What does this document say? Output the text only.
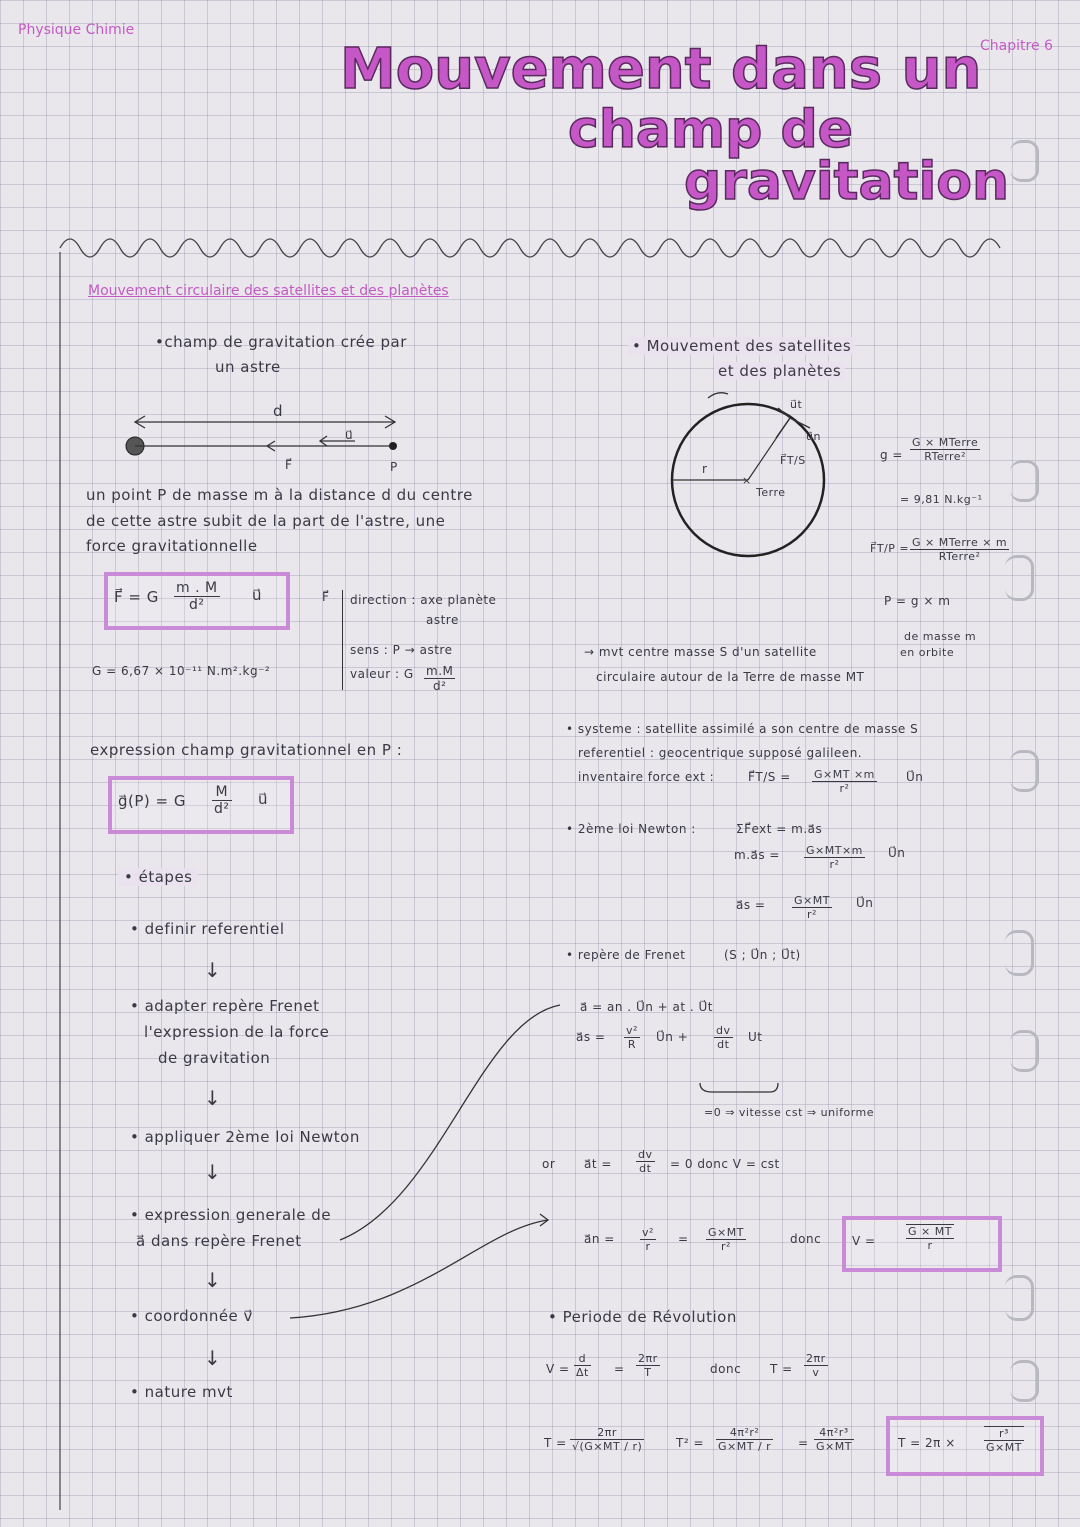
Physique Chimie
Chapitre 6
Mouvement dans un
champ de
gravitation
Mouvement circulaire des satellites et des planètes
•champ de gravitation crée par
un astre
d
u⃗
F⃗	P
un point P de masse m à la distance d du centre
de cette astre subit de la part de l'astre, une
force gravitationnelle
F⃗ = G $\frac{m . M}{\text{d²}}$ u⃗	F⃗ direction : axe planète
astre
sens : P → astre
valeur : G $\frac{m.M}{\text{d²}}$
G = 6,67 × 10⁻¹¹ N.m².kg⁻²
expression champ gravitationnel en P :
g⃗(P) = G $\frac{M}{\text{d²}}$ u⃗
• étapes
• definir referentiel
↓
• adapter repère Frenet
l'expression de la force
de gravitation
↓
• appliquer 2ème loi Newton
↓
• expression generale de
a⃗ dans repère Frenet
↓
• coordonnée v⃗
↓
• nature mvt
• Mouvement des satellites
et des planètes
×
r
Terre
u⃗t
u⃗n
F⃗T/S	g =
G × MTerre
RTerre²
= 9,81 N.kg⁻¹
F⃗T/P = G × MTerre × m
RTerre²
P = g × m
de masse m
en orbite
→ mvt centre masse S d'un satellite
circulaire autour de la Terre de masse MT
• systeme : satellite assimilé a son centre de masse S
referentiel : geocentrique supposé galileen.
inventaire force ext :	F⃗T/S = $\frac{G\times MT \times m}{\text{r²}}$ U⃗n
• 2ème loi Newton :	ΣF⃗ext = m.a⃗s
m.a⃗s = $\frac{G\times MT\times m}{\text{r²}}$ U⃗n
a⃗s = $\frac{G\times MT}{\text{r²}}$ U⃗n
• repère de Frenet	(S ; U⃗n ; U⃗t)
a⃗ = an . U⃗n + at . U⃗t
a⃗s = $\frac{\text{v²}}{R}$ U⃗n + $\frac{dv}{dt}$ Ut
=0 ⇒ vitesse cst ⇒ uniforme
or a⃗t = $\frac{dv}{dt} = 0$ donc V = cst
a⃗n = $\frac{\text{v²}}{r} = \frac{G\times MT}{\text{r²}}$	donc	V =	$\frac{G \times MT}{r}$
• Periode de Révolution
$V = \frac{d}{\Delta t} = \frac{2\pi r}{T}$	donc $T = \frac{2\pi r}{v}$
$T = \frac{2\pi r}{√(G\times MT / r)}$	$T^2 = \frac{\text{4π²r²}}{G\times MT / r} = \frac{\text{4π²r³}}{G\times MT}$	T = 2π ×	$\frac{\text{r³}}{G\times MT}$
